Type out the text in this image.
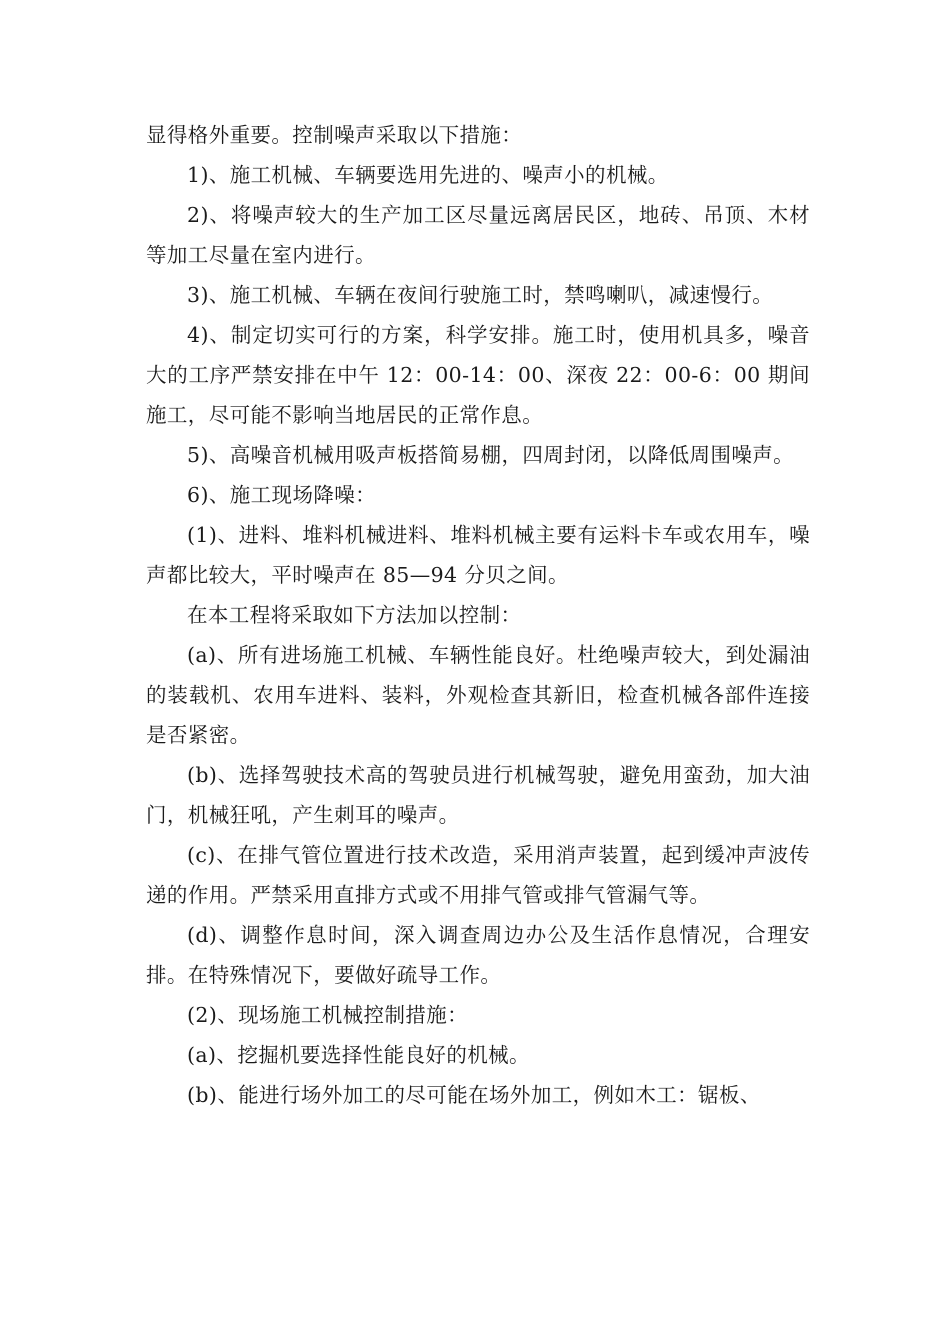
显得格外重要。控制噪声采取以下措施：

1)、施工机械、车辆要选用先进的、噪声小的机械。

2)、将噪声较大的生产加工区尽量远离居民区，地砖、吊顶、木材等加工尽量在室内进行。

3)、施工机械、车辆在夜间行驶施工时，禁鸣喇叭，减速慢行。

4)、制定切实可行的方案，科学安排。施工时，使用机具多，噪音大的工序严禁安排在中午 12：00-14：00、深夜 22：00-6：00 期间施工，尽可能不影响当地居民的正常作息。

5)、高噪音机械用吸声板搭简易棚，四周封闭，以降低周围噪声。

6)、施工现场降噪：

(1)、进料、堆料机械进料、堆料机械主要有运料卡车或农用车，噪声都比较大，平时噪声在 85—94 分贝之间。

在本工程将采取如下方法加以控制：

(a)、所有进场施工机械、车辆性能良好。杜绝噪声较大，到处漏油的装载机、农用车进料、装料，外观检查其新旧，检查机械各部件连接是否紧密。

(b)、选择驾驶技术高的驾驶员进行机械驾驶，避免用蛮劲，加大油门，机械狂吼，产生刺耳的噪声。

(c)、在排气管位置进行技术改造，采用消声装置，起到缓冲声波传递的作用。严禁采用直排方式或不用排气管或排气管漏气等。

(d)、调整作息时间，深入调查周边办公及生活作息情况，合理安排。在特殊情况下，要做好疏导工作。

(2)、现场施工机械控制措施：

(a)、挖掘机要选择性能良好的机械。

(b)、能进行场外加工的尽可能在场外加工，例如木工：锯板、
